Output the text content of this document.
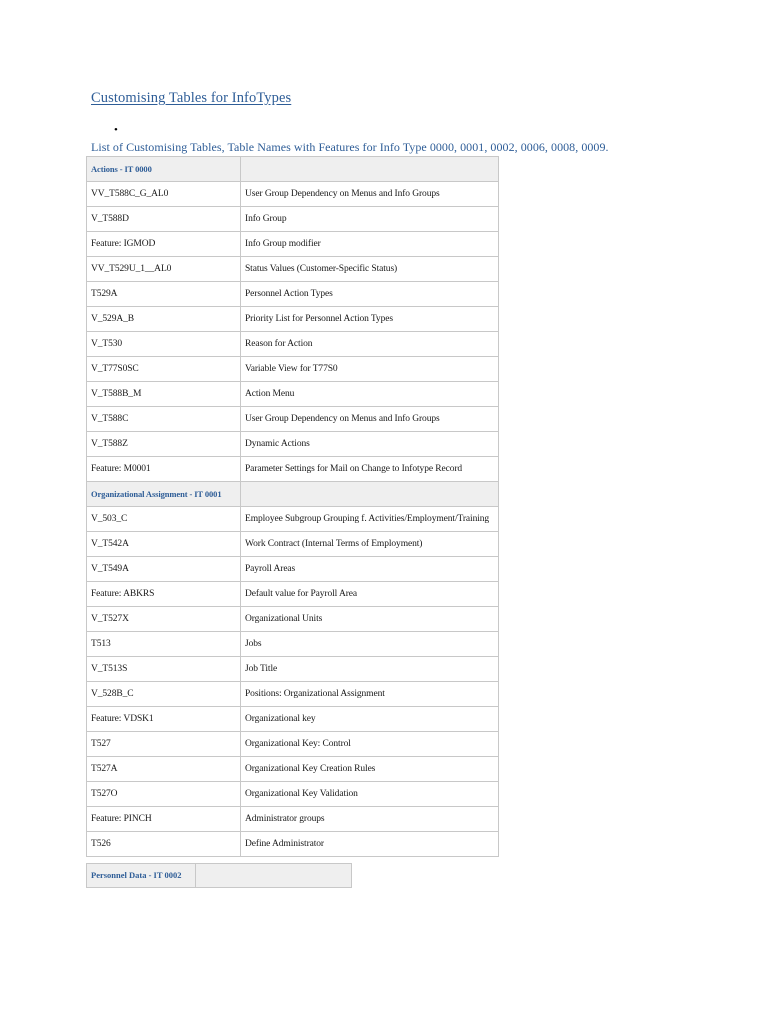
Customising Tables for InfoTypes
•
List of Customising Tables, Table Names with Features for Info Type 0000, 0001, 0002, 0006, 0008, 0009.
Actions - IT 0000	
VV_T588C_G_AL0	User Group Dependency on Menus and Info Groups
V_T588D	Info Group
Feature: IGMOD	Info Group modifier
VV_T529U_1__AL0	Status Values (Customer-Specific Status)
T529A	Personnel Action Types
V_529A_B	Priority List for Personnel Action Types
V_T530	Reason for Action
V_T77S0SC	Variable View for T77S0
V_T588B_M	Action Menu
V_T588C	User Group Dependency on Menus and Info Groups
V_T588Z	Dynamic Actions
Feature: M0001	Parameter Settings for Mail on Change to Infotype Record
Organizational Assignment - IT 0001	
V_503_C	Employee Subgroup Grouping f. Activities/Employment/Training
V_T542A	Work Contract (Internal Terms of Employment)
V_T549A	Payroll Areas
Feature: ABKRS	Default value for Payroll Area
V_T527X	Organizational Units
T513	Jobs
V_T513S	Job Title
V_528B_C	Positions: Organizational Assignment
Feature: VDSK1	Organizational key
T527	Organizational Key: Control
T527A	Organizational Key Creation Rules
T527O	Organizational Key Validation
Feature: PINCH	Administrator groups
T526	Define Administrator
Personnel Data - IT 0002	
